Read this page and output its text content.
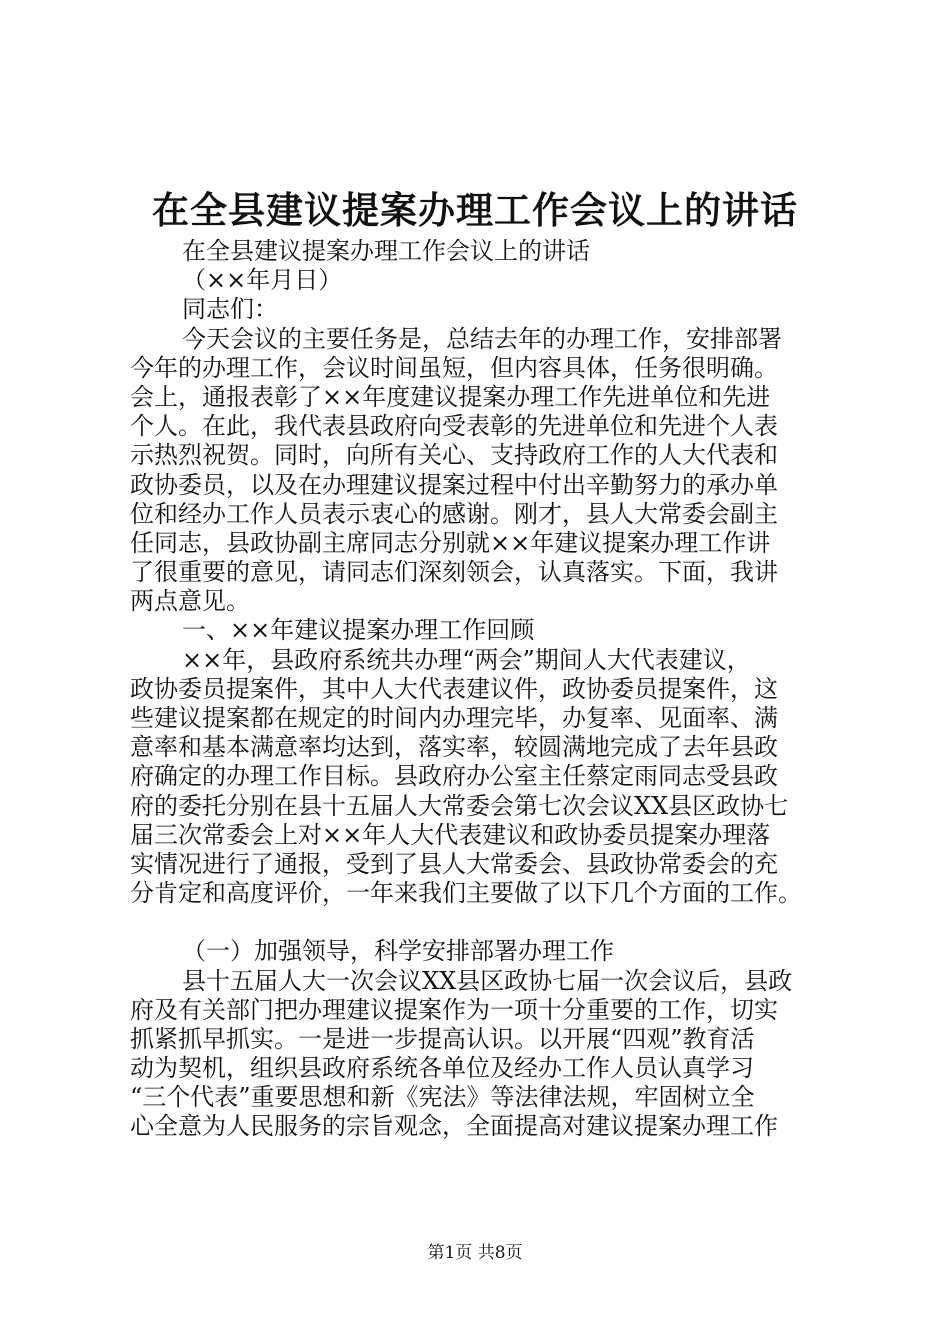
在全县建议提案办理工作会议上的讲话
在全县建议提案办理工作会议上的讲话
（××年月日）
同志们：
今天会议的主要任务是，总结去年的办理工作，安排部署
今年的办理工作，会议时间虽短，但内容具体，任务很明确。
会上，通报表彰了××年度建议提案办理工作先进单位和先进
个人。在此，我代表县政府向受表彰的先进单位和先进个人表
示热烈祝贺。同时，向所有关心、支持政府工作的人大代表和
政协委员，以及在办理建议提案过程中付出辛勤努力的承办单
位和经办工作人员表示衷心的感谢。刚才，县人大常委会副主
任同志，县政协副主席同志分别就××年建议提案办理工作讲
了很重要的意见，请同志们深刻领会，认真落实。下面，我讲
两点意见。
一、××年建议提案办理工作回顾
××年，县政府系统共办理“两会”期间人大代表建议，
政协委员提案件，其中人大代表建议件，政协委员提案件，这
些建议提案都在规定的时间内办理完毕，办复率、见面率、满
意率和基本满意率均达到，落实率，较圆满地完成了去年县政
府确定的办理工作目标。县政府办公室主任蔡定雨同志受县政
府的委托分别在县十五届人大常委会第七次会议XX县区政协七
届三次常委会上对××年人大代表建议和政协委员提案办理落
实情况进行了通报，受到了县人大常委会、县政协常委会的充
分肯定和高度评价，一年来我们主要做了以下几个方面的工作。
（一）加强领导，科学安排部署办理工作
县十五届人大一次会议XX县区政协七届一次会议后，县政
府及有关部门把办理建议提案作为一项十分重要的工作，切实
抓紧抓早抓实。一是进一步提高认识。以开展“四观”教育活
动为契机，组织县政府系统各单位及经办工作人员认真学习
“三个代表”重要思想和新《宪法》等法律法规，牢固树立全
心全意为人民服务的宗旨观念，全面提高对建议提案办理工作
第1页 共8页
